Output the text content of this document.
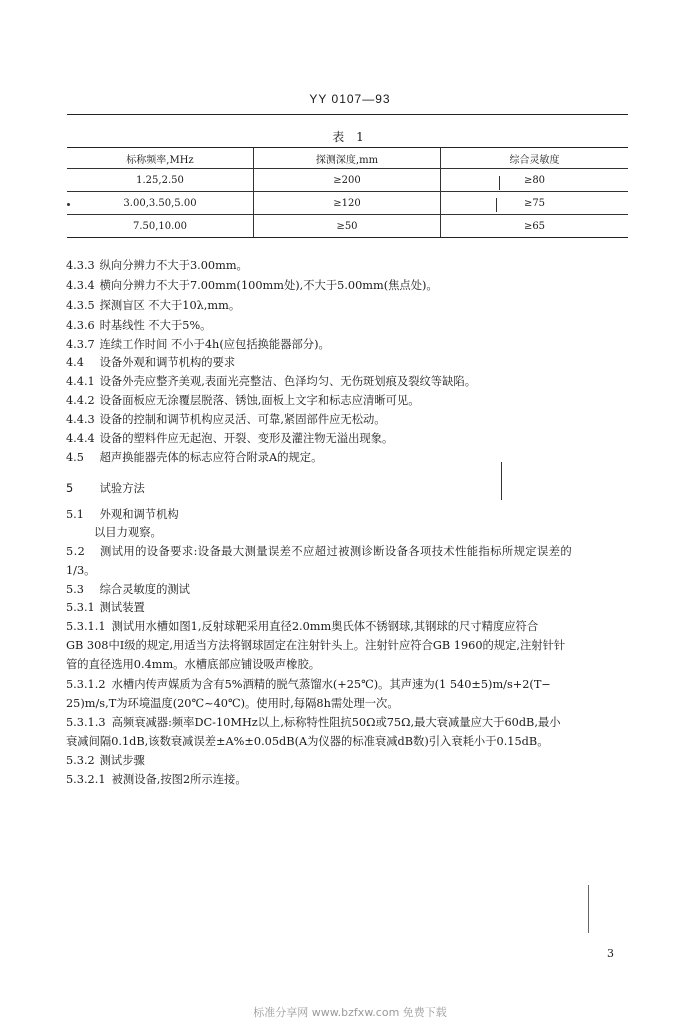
YY 0107—93
表 1
标称频率,MHz	探测深度,mm	综合灵敏度
1.25,2.50	≥200	≥80
3.00,3.50,5.00	≥120	≥75
7.50,10.00	≥50	≥65
4.3.3 纵向分辨力不大于3.00mm。
4.3.4 横向分辨力不大于7.00mm(100mm处),不大于5.00mm(焦点处)。
4.3.5 探测盲区 不大于10λ,mm。
4.3.6 时基线性 不大于5%。
4.3.7 连续工作时间 不小于4h(应包括换能器部分)。
4.4 设备外观和调节机构的要求
4.4.1 设备外壳应整齐美观,表面光亮整洁、色泽均匀、无伤斑划痕及裂纹等缺陷。
4.4.2 设备面板应无涂覆层脱落、锈蚀,面板上文字和标志应清晰可见。
4.4.3 设备的控制和调节机构应灵活、可靠,紧固部件应无松动。
4.4.4 设备的塑料件应无起泡、开裂、变形及灌注物无溢出现象。
4.5 超声换能器壳体的标志应符合附录A的规定。
5 试验方法
5.1 外观和调节机构
以目力观察。
5.2 测试用的设备要求:设备最大测量误差不应超过被测诊断设备各项技术性能指标所规定误差的
1/3。
5.3 综合灵敏度的测试
5.3.1 测试装置
5.3.1.1 测试用水槽如图1,反射球靶采用直径2.0mm奥氏体不锈钢球,其钢球的尺寸精度应符合
GB 308中Ⅰ级的规定,用适当方法将钢球固定在注射针头上。注射针应符合GB 1960的规定,注射针针
管的直径选用0.4mm。水槽底部应铺设吸声橡胶。
5.3.1.2 水槽内传声媒质为含有5%酒精的脱气蒸馏水(+25℃)。其声速为(1 540±5)m/s+2(T−
25)m/s,T为环境温度(20℃~40℃)。使用时,每隔8h需处理一次。
5.3.1.3 高频衰减器:频率DC-10MHz以上,标称特性阻抗50Ω或75Ω,最大衰减量应大于60dB,最小
衰减间隔0.1dB,该数衰减误差±A%±0.05dB(A为仪器的标准衰减dB数)引入衰耗小于0.15dB。
5.3.2 测试步骤
5.3.2.1 被测设备,按图2所示连接。
3
标准分享网 www.bzfxw.com 免费下载
